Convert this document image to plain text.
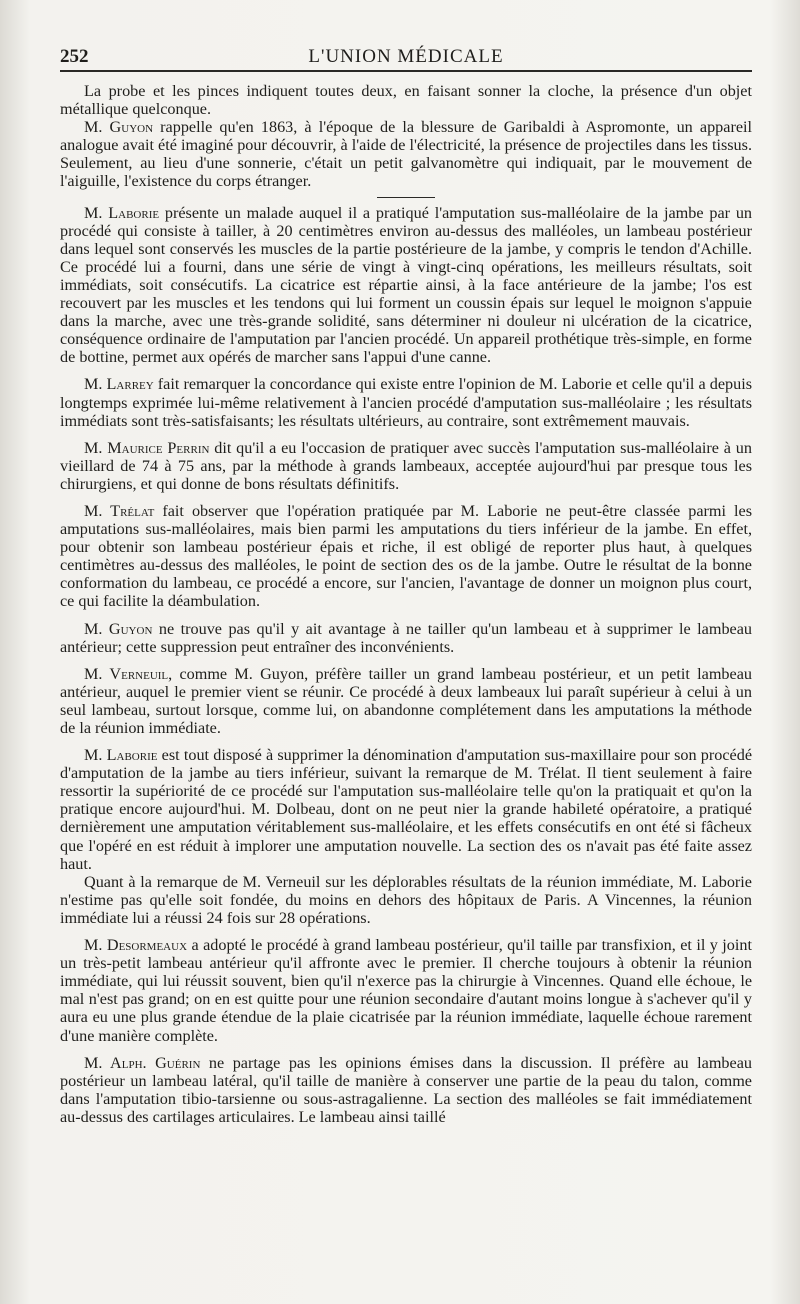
252	L'UNION MÉDICALE

La probe et les pinces indiquent toutes deux, en faisant sonner la cloche, la présence d'un objet métallique quelconque.

M. Guyon rappelle qu'en 1863, à l'époque de la blessure de Garibaldi à Aspromonte, un appareil analogue avait été imaginé pour découvrir, à l'aide de l'électricité, la présence de projectiles dans les tissus. Seulement, au lieu d'une sonnerie, c'était un petit galvanomètre qui indiquait, par le mouvement de l'aiguille, l'existence du corps étranger.

M. Laborie présente un malade auquel il a pratiqué l'amputation sus-malléolaire de la jambe par un procédé qui consiste à tailler, à 20 centimètres environ au-dessus des malléoles, un lambeau postérieur dans lequel sont conservés les muscles de la partie postérieure de la jambe, y compris le tendon d'Achille. Ce procédé lui a fourni, dans une série de vingt à vingt-cinq opérations, les meilleurs résultats, soit immédiats, soit consécutifs. La cicatrice est répartie ainsi, à la face antérieure de la jambe; l'os est recouvert par les muscles et les tendons qui lui forment un coussin épais sur lequel le moignon s'appuie dans la marche, avec une très-grande solidité, sans déterminer ni douleur ni ulcération de la cicatrice, conséquence ordinaire de l'amputation par l'ancien procédé. Un appareil prothétique très-simple, en forme de bottine, permet aux opérés de marcher sans l'appui d'une canne.

M. Larrey fait remarquer la concordance qui existe entre l'opinion de M. Laborie et celle qu'il a depuis longtemps exprimée lui-même relativement à l'ancien procédé d'amputation sus-malléolaire ; les résultats immédiats sont très-satisfaisants; les résultats ultérieurs, au contraire, sont extrêmement mauvais.

M. Maurice Perrin dit qu'il a eu l'occasion de pratiquer avec succès l'amputation sus-malléolaire à un vieillard de 74 à 75 ans, par la méthode à grands lambeaux, acceptée aujourd'hui par presque tous les chirurgiens, et qui donne de bons résultats définitifs.

M. Trélat fait observer que l'opération pratiquée par M. Laborie ne peut-être classée parmi les amputations sus-malléolaires, mais bien parmi les amputations du tiers inférieur de la jambe. En effet, pour obtenir son lambeau postérieur épais et riche, il est obligé de reporter plus haut, à quelques centimètres au-dessus des malléoles, le point de section des os de la jambe. Outre le résultat de la bonne conformation du lambeau, ce procédé a encore, sur l'ancien, l'avantage de donner un moignon plus court, ce qui facilite la déambulation.

M. Guyon ne trouve pas qu'il y ait avantage à ne tailler qu'un lambeau et à supprimer le lambeau antérieur; cette suppression peut entraîner des inconvénients.

M. Verneuil, comme M. Guyon, préfère tailler un grand lambeau postérieur, et un petit lambeau antérieur, auquel le premier vient se réunir. Ce procédé à deux lambeaux lui paraît supérieur à celui à un seul lambeau, surtout lorsque, comme lui, on abandonne complétement dans les amputations la méthode de la réunion immédiate.

M. Laborie est tout disposé à supprimer la dénomination d'amputation sus-maxillaire pour son procédé d'amputation de la jambe au tiers inférieur, suivant la remarque de M. Trélat. Il tient seulement à faire ressortir la supériorité de ce procédé sur l'amputation sus-malléolaire telle qu'on la pratiquait et qu'on la pratique encore aujourd'hui. M. Dolbeau, dont on ne peut nier la grande habileté opératoire, a pratiqué dernièrement une amputation véritablement sus-malléolaire, et les effets consécutifs en ont été si fâcheux que l'opéré en est réduit à implorer une amputation nouvelle. La section des os n'avait pas été faite assez haut.

Quant à la remarque de M. Verneuil sur les déplorables résultats de la réunion immédiate, M. Laborie n'estime pas qu'elle soit fondée, du moins en dehors des hôpitaux de Paris. A Vincennes, la réunion immédiate lui a réussi 24 fois sur 28 opérations.

M. Desormeaux a adopté le procédé à grand lambeau postérieur, qu'il taille par transfixion, et il y joint un très-petit lambeau antérieur qu'il affronte avec le premier. Il cherche toujours à obtenir la réunion immédiate, qui lui réussit souvent, bien qu'il n'exerce pas la chirurgie à Vincennes. Quand elle échoue, le mal n'est pas grand; on en est quitte pour une réunion secondaire d'autant moins longue à s'achever qu'il y aura eu une plus grande étendue de la plaie cicatrisée par la réunion immédiate, laquelle échoue rarement d'une manière complète.

M. Alph. Guérin ne partage pas les opinions émises dans la discussion. Il préfère au lambeau postérieur un lambeau latéral, qu'il taille de manière à conserver une partie de la peau du talon, comme dans l'amputation tibio-tarsienne ou sous-astragalienne. La section des malléoles se fait immédiatement au-dessus des cartilages articulaires. Le lambeau ainsi taillé
